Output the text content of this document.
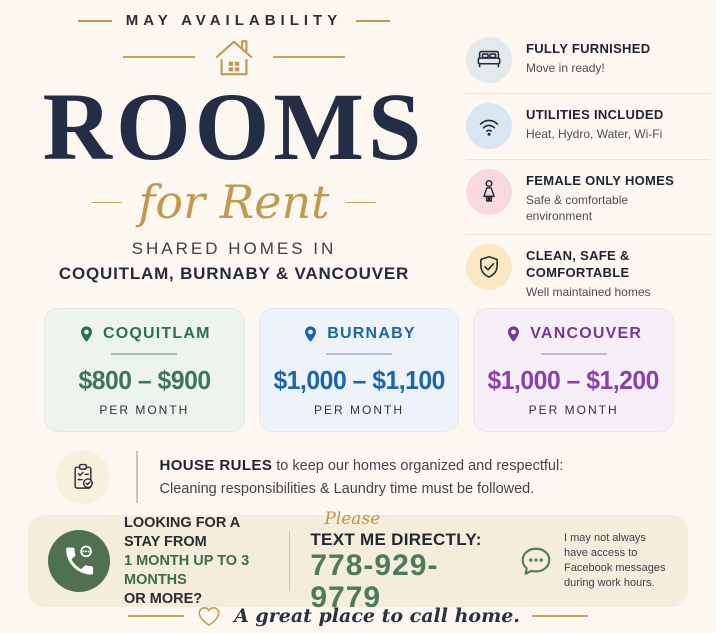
MAY AVAILABILITY
ROOMS
for Rent
SHARED HOMES IN
COQUITLAM, BURNABY & VANCOUVER
FULLY FURNISHED
Move in ready!
UTILITIES INCLUDED
Heat, Hydro, Water, Wi-Fi
FEMALE ONLY HOMES
Safe & comfortable environment
CLEAN, SAFE & COMFORTABLE
Well maintained homes
COQUITLAM
$800 – $900
PER MONTH
BURNABY
$1,000 – $1,100
PER MONTH
VANCOUVER
$1,000 – $1,200
PER MONTH
HOUSE RULES to keep our homes organized and respectful:
Cleaning responsibilities & Laundry time must be followed.
LOOKING FOR A STAY FROM
1 MONTH UP TO 3 MONTHS
OR MORE?
Please
TEXT ME DIRECTLY:
778-929-9779
I may not always have access to Facebook messages during work hours.
A great place to call home.
